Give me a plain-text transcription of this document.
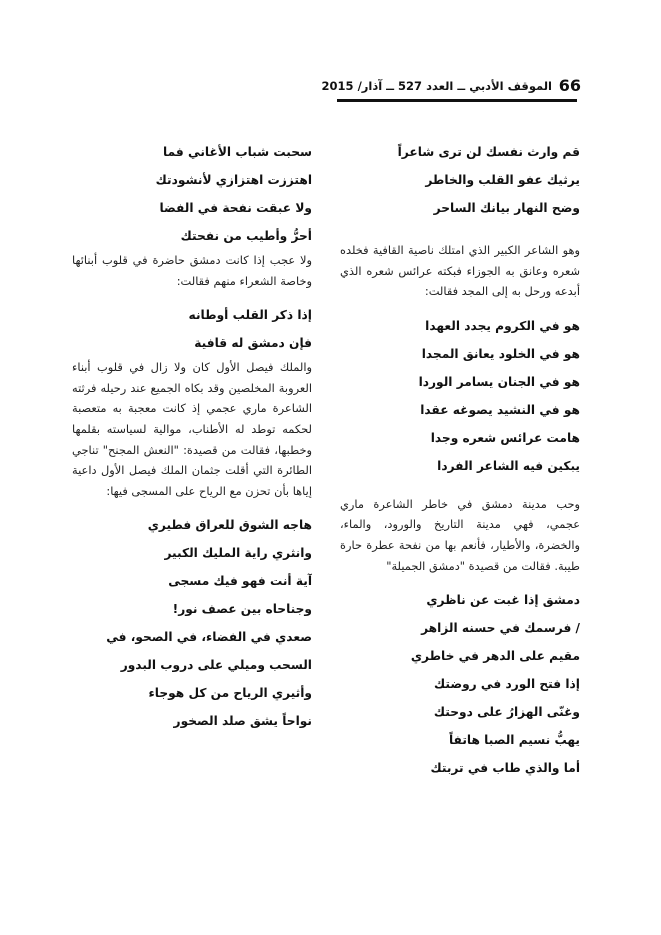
66
الموقف الأدبي ــ العدد 527 ــ آذار/ 2015
قم وارث نفسك لن ترى شاعراً
يرثيك عفو القلب والخاطر
وضح النهار بيانك الساحر

وهو الشاعر الكبير الذي امتلك ناصية القافية فخلده شعره وعانق به الجوزاء فبكته عرائس شعره الذي أبدعه ورحل به إلى المجد فقالت:

هو في الكروم يجدد العهدا
هو في الخلود يعانق المجدا
هو في الجنان يسامر الوردا
هو في النشيد يصوغه عقدا
هامت عرائس شعره وجدا
يبكين فيه الشاعر الفردا

وحب مدينة دمشق في خاطر الشاعرة ماري عجمي، فهي مدينة التاريخ والورود، والماء، والخضرة، والأطيار، فأنعم بها من نفحة عطرة حارة طيبة. فقالت من قصيدة "دمشق الجميلة"

دمشق إذا غبت عن ناظري
/ فرسمك في حسنه الزاهر
مقيم على الدهر في خاطري
إذا فتح الورد في روضتك
وغنّى الهزارُ على دوحتك
يهبُّ نسيم الصبا هاتفاً
أما والذي طاب في تربتك
سحبت شباب الأغاني فما
اهتززت اهتزازي لأنشودتك
ولا عبقت نفحة في الفضا
أحرُّ وأطيب من نفحتك

ولا عجب إذا كانت دمشق حاضرة في قلوب أبنائها وخاصة الشعراء منهم فقالت:

إذا ذكر القلب أوطانه
فإن دمشق له قافية

والملك فيصل الأول كان ولا زال في قلوب أبناء العروبة المخلصين وقد بكاه الجميع عند رحيله فرثته الشاعرة ماري عجمي إذ كانت معجبة به متعصبة لحكمه توطد له الأطناب، موالية لسياسته بقلمها وخطبها، فقالت من قصيدة: "النعش المجنح" تناجي الطائرة التي أقلت جثمان الملك فيصل الأول داعية إياها بأن تحزن مع الرياح على المسجى فيها:

هاجه الشوق للعراق فطيري
وانثري راية المليك الكبير
آية أنت فهو فيك مسجى
وجناحاه بين عصف نور!
صعدي في الفضاء، في الصحو، في
السحب وميلي على دروب البدور
وأثيري الرياح من كل هوجاء
نواحاً يشق صلد الصخور
